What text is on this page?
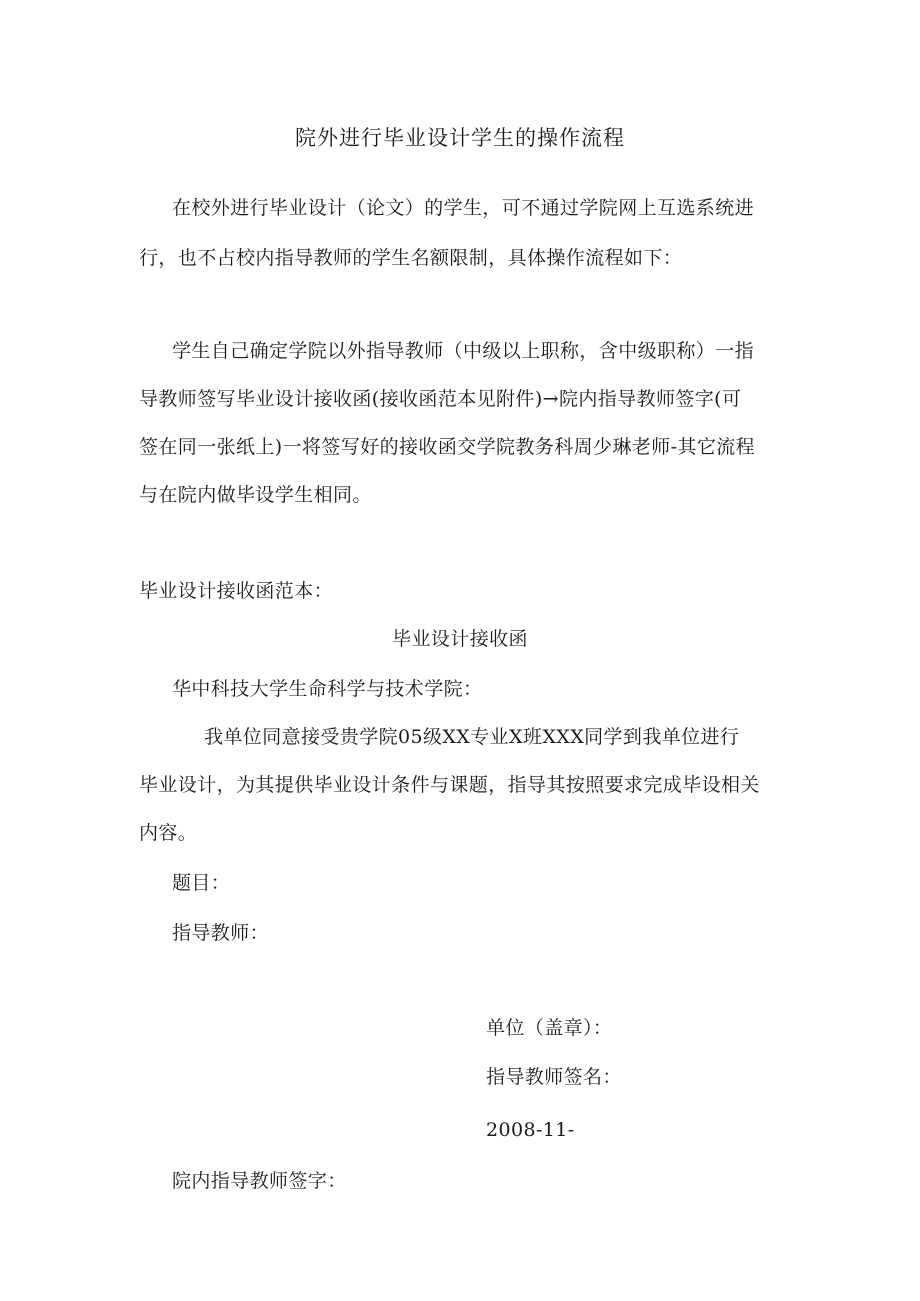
院外进行毕业设计学生的操作流程
在校外进行毕业设计（论文）的学生，可不通过学院网上互选系统进
行，也不占校内指导教师的学生名额限制，具体操作流程如下：
学生自己确定学院以外指导教师（中级以上职称，含中级职称）一指
导教师签写毕业设计接收函(接收函范本见附件)→院内指导教师签字(可
签在同一张纸上)一将签写好的接收函交学院教务科周少琳老师-其它流程
与在院内做毕设学生相同。
毕业设计接收函范本：
毕业设计接收函
华中科技大学生命科学与技术学院：
我单位同意接受贵学院05级XX专业X班XXX同学到我单位进行
毕业设计，为其提供毕业设计条件与课题，指导其按照要求完成毕设相关
内容。
题目：
指导教师：
单位（盖章）：
指导教师签名：
2008-11-
院内指导教师签字：
